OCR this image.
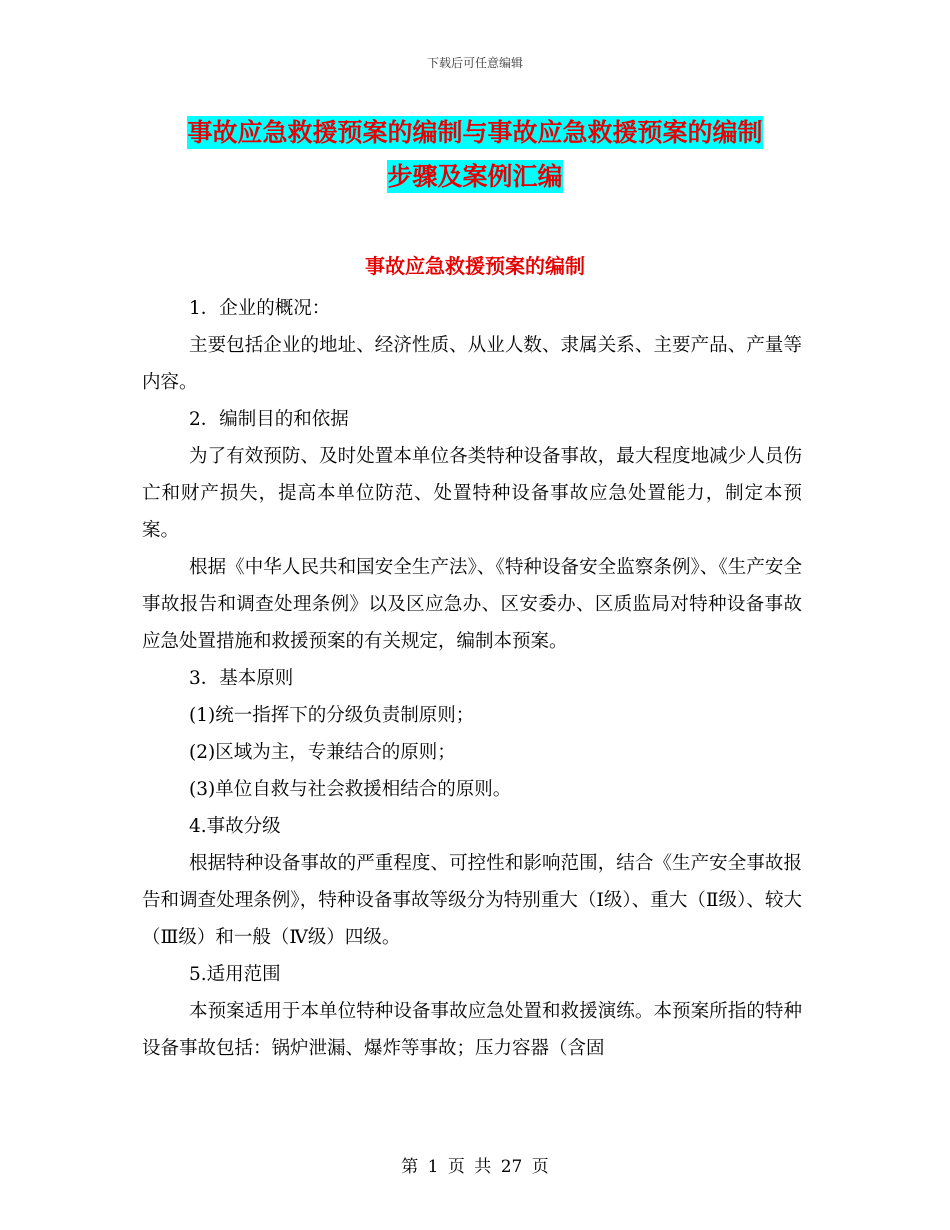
下载后可任意编辑
事故应急救援预案的编制与事故应急救援预案的编制
步骤及案例汇编
事故应急救援预案的编制

1．企业的概况：

主要包括企业的地址、经济性质、从业人数、隶属关系、主要产品、产量等内容。

2．编制目的和依据

为了有效预防、及时处置本单位各类特种设备事故，最大程度地减少人员伤亡和财产损失，提高本单位防范、处置特种设备事故应急处置能力，制定本预案。

根据《中华人民共和国安全生产法》、《特种设备安全监察条例》、《生产安全事故报告和调查处理条例》以及区应急办、区安委办、区质监局对特种设备事故应急处置措施和救援预案的有关规定，编制本预案。

3．基本原则

(1)统一指挥下的分级负责制原则；

(2)区域为主，专兼结合的原则；

(3)单位自救与社会救援相结合的原则。

4.事故分级

根据特种设备事故的严重程度、可控性和影响范围，结合《生产安全事故报告和调查处理条例》，特种设备事故等级分为特别重大（Ⅰ级）、重大（Ⅱ级）、较大（Ⅲ级）和一般（Ⅳ级）四级。

5.适用范围

本预案适用于本单位特种设备事故应急处置和救援演练。本预案所指的特种设备事故包括：锅炉泄漏、爆炸等事故；压力容器（含固

第 1 页 共 27 页
